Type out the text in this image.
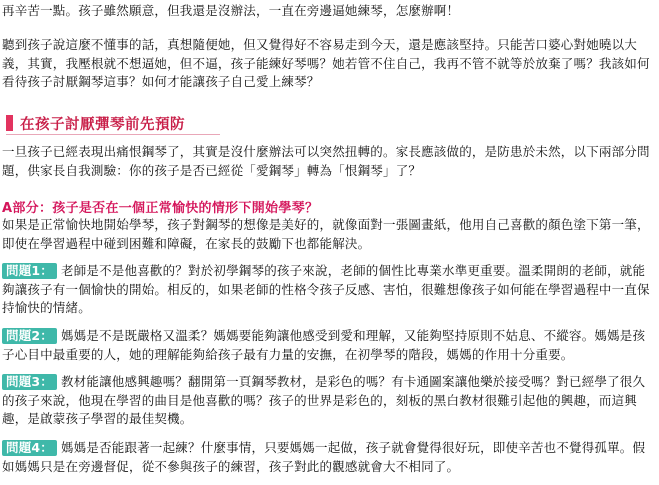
再辛苦一點。孩子雖然願意，但我還是沒辦法，一直在旁邊逼她練琴，怎麼辦啊！

聽到孩子說這麼不懂事的話，真想隨便她，但又覺得好不容易走到今天，還是應該堅持。只能苦口婆心對她曉以大義，其實，我壓根就不想逼她，但不逼，孩子能練好琴嗎？她若管不住自己，我再不管不就等於放棄了嗎？我該如何看待孩子討厭鋼琴這事？如何才能讓孩子自己愛上練琴？

在孩子討厭彈琴前先預防

一旦孩子已經表現出痛恨鋼琴了，其實是沒什麼辦法可以突然扭轉的。家長應該做的，是防患於未然，以下兩部分問題，供家長自我測驗：你的孩子是否已經從「愛鋼琴」轉為「恨鋼琴」了？

A部分：孩子是否在一個正常愉快的情形下開始學琴？

如果是正常愉快地開始學琴，孩子對鋼琴的想像是美好的，就像面對一張圖畫紙，他用自己喜歡的顏色塗下第一筆，即使在學習過程中碰到困難和障礙，在家長的鼓勵下也都能解決。

問題1： 老師是不是他喜歡的？對於初學鋼琴的孩子來說，老師的個性比專業水準更重要。溫柔開朗的老師，就能夠讓孩子有一個愉快的開始。相反的，如果老師的性格令孩子反感、害怕，很難想像孩子如何能在學習過程中一直保持愉快的情緒。

問題2： 媽媽是不是既嚴格又溫柔？媽媽要能夠讓他感受到愛和理解，又能夠堅持原則不姑息、不縱容。媽媽是孩子心目中最重要的人，她的理解能夠給孩子最有力量的安撫，在初學琴的階段，媽媽的作用十分重要。

問題3： 教材能讓他感興趣嗎？翻開第一頁鋼琴教材，是彩色的嗎？有卡通圖案讓他樂於接受嗎？對已經學了很久的孩子來說，他現在學習的曲目是他喜歡的嗎？孩子的世界是彩色的，刻板的黑白教材很難引起他的興趣，而這興趣，是啟蒙孩子學習的最佳契機。

問題4： 媽媽是否能跟著一起練？什麼事情，只要媽媽一起做，孩子就會覺得很好玩，即使辛苦也不覺得孤單。假如媽媽只是在旁邊督促，從不參與孩子的練習，孩子對此的觀感就會大不相同了。
